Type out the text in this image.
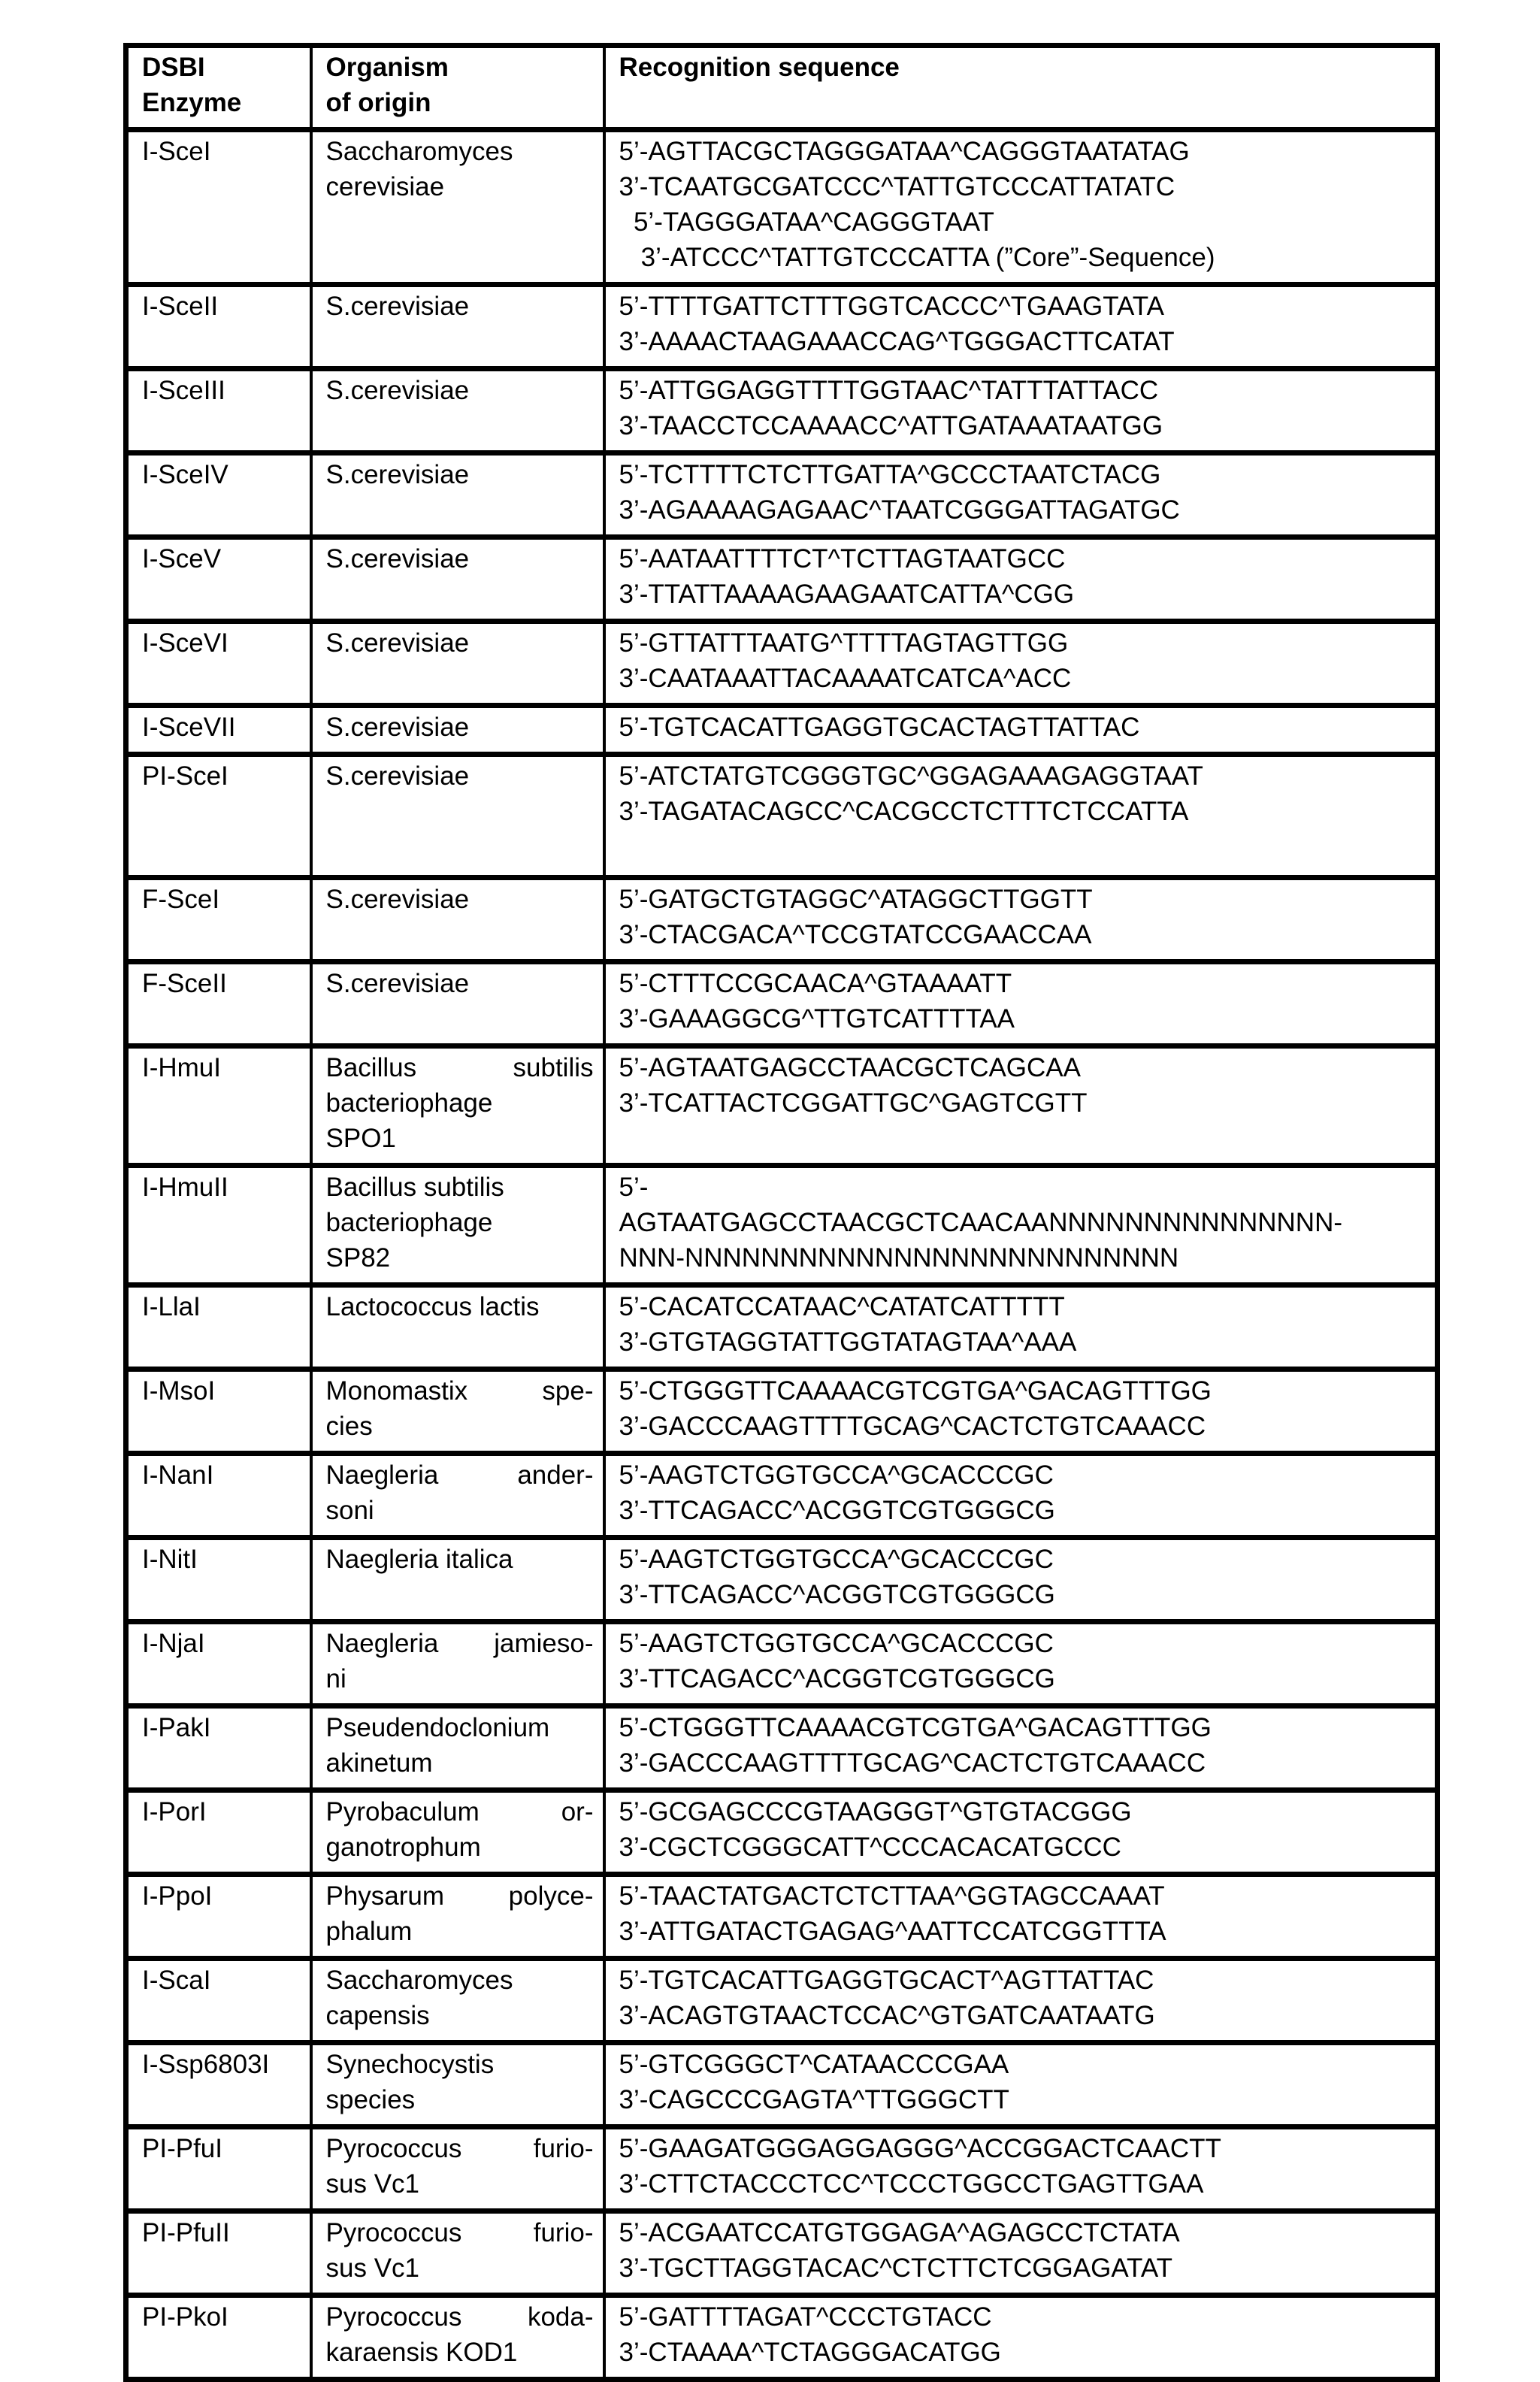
DSBI
Enzyme

Organism
of origin

Recognition sequence

I-SceI	Saccharomyces
cerevisiae

5’-AGTTACGCTAGGGATAA^CAGGGTAATATAG
3’-TCAATGCGATCCC^TATTGTCCCATTATATC
5’-TAGGGATAA^CAGGGTAAT
3’-ATCCC^TATTGTCCCATTA (”Core”-Sequence)

I-SceII	S.cerevisiae	5’-TTTTGATTCTTTGGTCACCC^TGAAGTATA
3’-AAAACTAAGAAACCAG^TGGGACTTCATAT

I-SceIII	S.cerevisiae	5’-ATTGGAGGTTTTGGTAAC^TATTTATTACC
3’-TAACCTCCAAAACC^ATTGATAAATAATGG

I-SceIV	S.cerevisiae	5’-TCTTTTCTCTTGATTA^GCCCTAATCTACG
3’-AGAAAAGAGAAC^TAATCGGGATTAGATGC

I-SceV	S.cerevisiae	5’-AATAATTTTCT^TCTTAGTAATGCC
3’-TTATTAAAAGAAGAATCATTA^CGG

I-SceVI	S.cerevisiae	5’-GTTATTTAATG^TTTTAGTAGTTGG
3’-CAATAAATTACAAAATCATCA^ACC

I-SceVII	S.cerevisiae	5’-TGTCACATTGAGGTGCACTAGTTATTAC

PI-SceI	S.cerevisiae	5’-ATCTATGTCGGGTGC^GGAGAAAGAGGTAAT
3’-TAGATACAGCC^CACGCCTCTTTCTCCATTA

F-SceI	S.cerevisiae	5’-GATGCTGTAGGC^ATAGGCTTGGTT
3’-CTACGACA^TCCGTATCCGAACCAA

F-SceII	S.cerevisiae	5’-CTTTCCGCAACA^GTAAAATT
3’-GAAAGGCG^TTGTCATTTTAA

I-HmuI	Bacillus subtilis
bacteriophage
SPO1

5’-AGTAATGAGCCTAACGCTCAGCAA
3’-TCATTACTCGGATTGC^GAGTCGTT

I-HmuII	Bacillus subtilis
bacteriophage
SP82

5’-
AGTAATGAGCCTAACGCTCAACAANNNNNNNNNNNNNNN-
NNN-NNNNNNNNNNNNNNNNNNNNNNNNNN

I-LlaI	Lactococcus lactis	5’-CACATCCATAAC^CATATCATTTTT
3’-GTGTAGGTATTGGTATAGTAA^AAA

I-MsoI	Monomastix spe-
cies

5’-CTGGGTTCAAAACGTCGTGA^GACAGTTTGG
3’-GACCCAAGTTTTGCAG^CACTCTGTCAAACC

I-NanI	Naegleria ander-
soni

5’-AAGTCTGGTGCCA^GCACCCGC
3’-TTCAGACC^ACGGTCGTGGGCG

I-NitI	Naegleria italica	5’-AAGTCTGGTGCCA^GCACCCGC
3’-TTCAGACC^ACGGTCGTGGGCG

I-NjaI	Naegleria jamieso-
ni

5’-AAGTCTGGTGCCA^GCACCCGC
3’-TTCAGACC^ACGGTCGTGGGCG

I-PakI	Pseudendoclonium
akinetum

5’-CTGGGTTCAAAACGTCGTGA^GACAGTTTGG
3’-GACCCAAGTTTTGCAG^CACTCTGTCAAACC

I-PorI	Pyrobaculum or-
ganotrophum

5’-GCGAGCCCGTAAGGGT^GTGTACGGG
3’-CGCTCGGGCATT^CCCACACATGCCC

I-PpoI	Physarum polyce-
phalum

5’-TAACTATGACTCTCTTAA^GGTAGCCAAAT
3’-ATTGATACTGAGAG^AATTCCATCGGTTTA

I-ScaI	Saccharomyces
capensis

5’-TGTCACATTGAGGTGCACT^AGTTATTAC
3’-ACAGTGTAACTCCAC^GTGATCAATAATG

I-Ssp6803I	Synechocystis
species

5’-GTCGGGCT^CATAACCCGAA
3’-CAGCCCGAGTA^TTGGGCTT

PI-PfuI	Pyrococcus furio-
sus Vc1

5’-GAAGATGGGAGGAGGG^ACCGGACTCAACTT
3’-CTTCTACCCTCC^TCCCTGGCCTGAGTTGAA

PI-PfuII	Pyrococcus furio-
sus Vc1

5’-ACGAATCCATGTGGAGA^AGAGCCTCTATA
3’-TGCTTAGGTACAC^CTCTTCTCGGAGATAT

PI-PkoI	Pyrococcus koda-
karaensis KOD1

5’-GATTTTAGAT^CCCTGTACC
3’-CTAAAA^TCTAGGGACATGG
